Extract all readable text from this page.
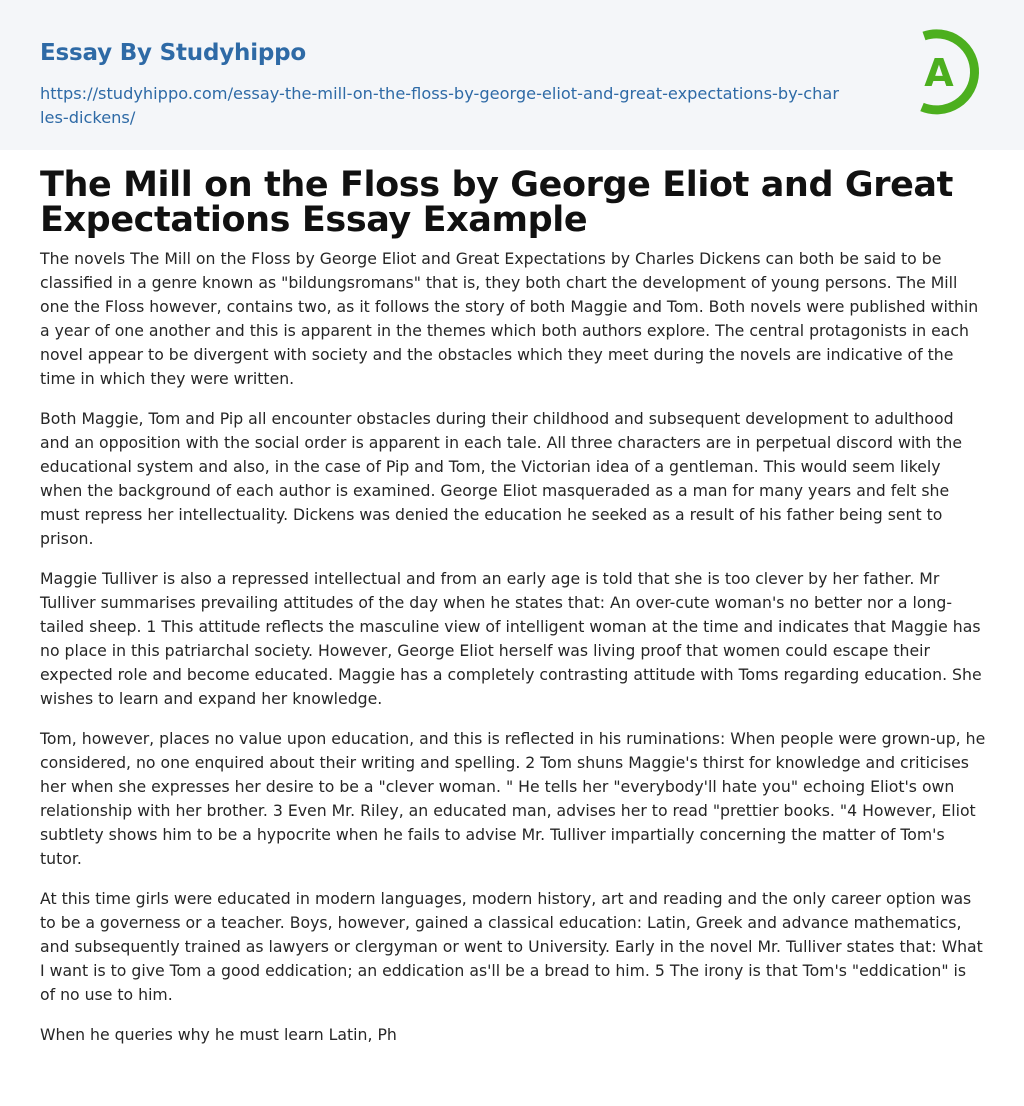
Essay By Studyhippo
https://studyhippo.com/essay-the-mill-on-the-floss-by-george-eliot-and-great-expectations-by-charles-dickens/
A
The Mill on the Floss by George Eliot and Great Expectations Essay Example

The novels The Mill on the Floss by George Eliot and Great Expectations by Charles Dickens can both be said to be classified in a genre known as "bildungsromans" that is, they both chart the development of young persons. The Mill one the Floss however, contains two, as it follows the story of both Maggie and Tom. Both novels were published within a year of one another and this is apparent in the themes which both authors explore. The central protagonists in each novel appear to be divergent with society and the obstacles which they meet during the novels are indicative of the time in which they were written.

Both Maggie, Tom and Pip all encounter obstacles during their childhood and subsequent development to adulthood and an opposition with the social order is apparent in each tale. All three characters are in perpetual discord with the educational system and also, in the case of Pip and Tom, the Victorian idea of a gentleman. This would seem likely when the background of each author is examined. George Eliot masqueraded as a man for many years and felt she must repress her intellectuality. Dickens was denied the education he seeked as a result of his father being sent to prison.

Maggie Tulliver is also a repressed intellectual and from an early age is told that she is too clever by her father. Mr Tulliver summarises prevailing attitudes of the day when he states that: An over-cute woman's no better nor a long-tailed sheep. 1 This attitude reflects the masculine view of intelligent woman at the time and indicates that Maggie has no place in this patriarchal society. However, George Eliot herself was living proof that women could escape their expected role and become educated. Maggie has a completely contrasting attitude with Toms regarding education. She wishes to learn and expand her knowledge.

Tom, however, places no value upon education, and this is reflected in his ruminations: When people were grown-up, he considered, no one enquired about their writing and spelling. 2 Tom shuns Maggie's thirst for knowledge and criticises her when she expresses her desire to be a "clever woman. " He tells her "everybody'll hate you" echoing Eliot's own relationship with her brother. 3 Even Mr. Riley, an educated man, advises her to read "prettier books. "4 However, Eliot subtlety shows him to be a hypocrite when he fails to advise Mr. Tulliver impartially concerning the matter of Tom's tutor.

At this time girls were educated in modern languages, modern history, art and reading and the only career option was to be a governess or a teacher. Boys, however, gained a classical education: Latin, Greek and advance mathematics, and subsequently trained as lawyers or clergyman or went to University. Early in the novel Mr. Tulliver states that: What I want is to give Tom a good eddication; an eddication as'll be a bread to him. 5 The irony is that Tom's "eddication" is of no use to him.

When he queries why he must learn Latin, Ph
